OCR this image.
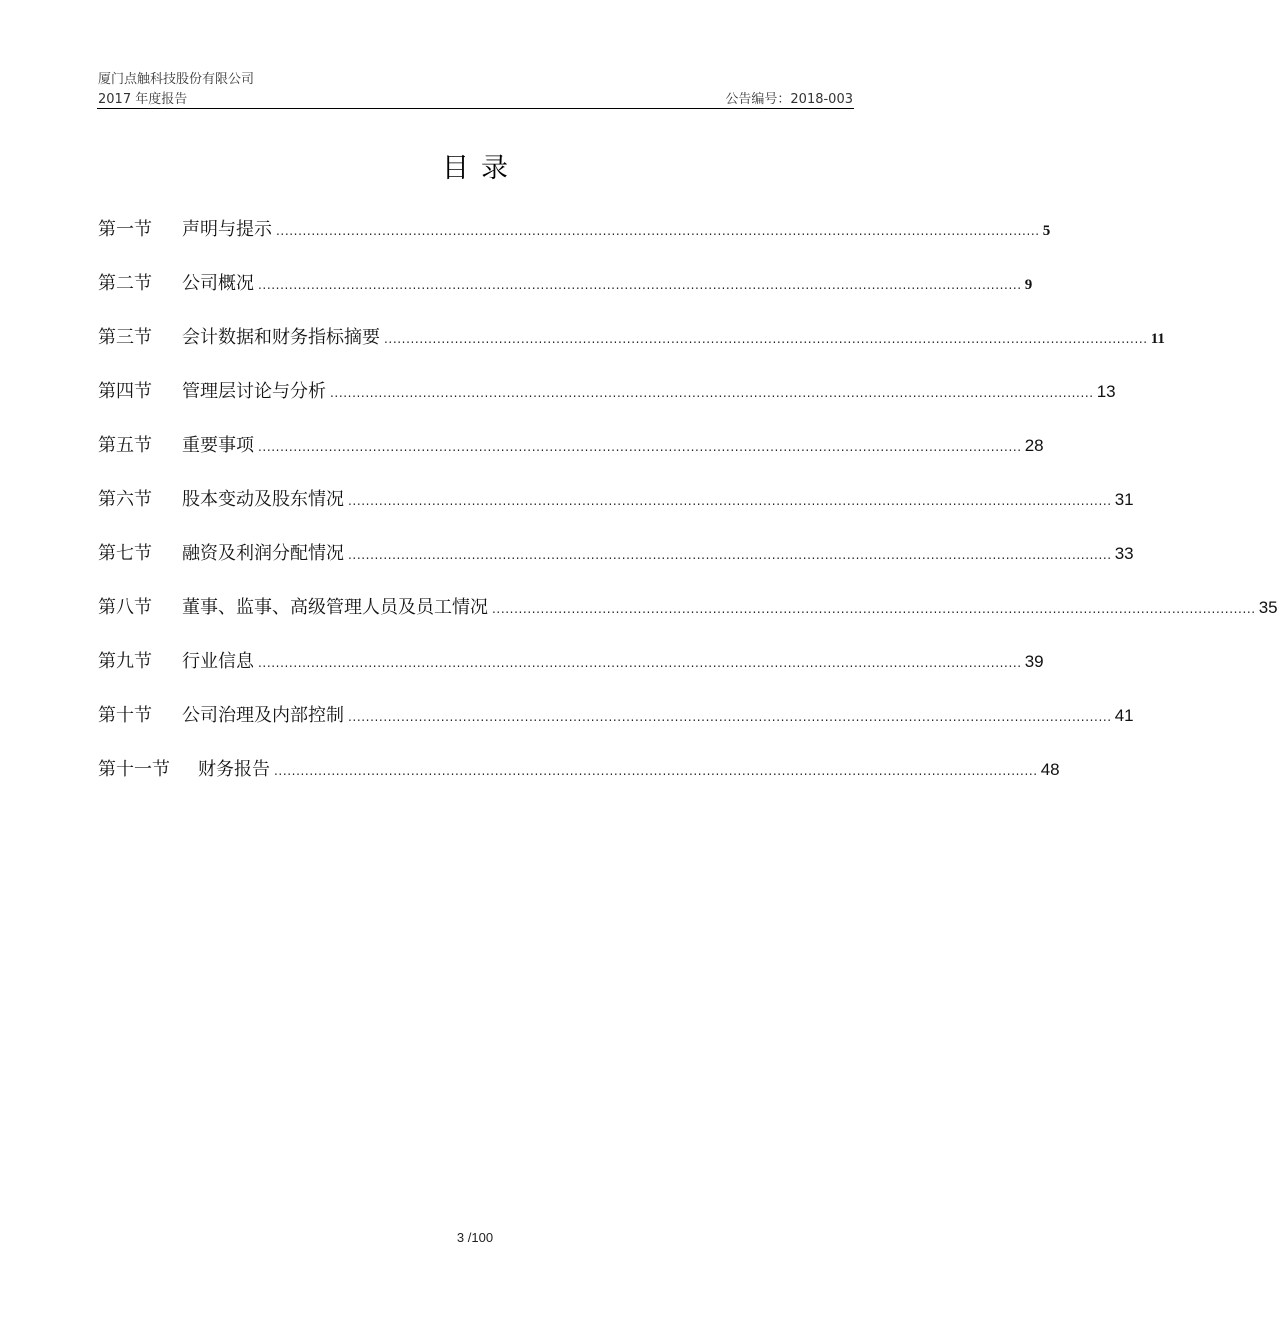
厦门点触科技股份有限公司
2017 年度报告	公告编号：2018-003
目录
第一节	声明与提示 ............................................................................................................................................................................. 5
第二节	公司概况 ............................................................................................................................................................................. 9
第三节	会计数据和财务指标摘要 ............................................................................................................................................................................. 11
第四节	管理层讨论与分析 ............................................................................................................................................................................. 13
第五节	重要事项 ............................................................................................................................................................................. 28
第六节	股本变动及股东情况 ............................................................................................................................................................................. 31
第七节	融资及利润分配情况 ............................................................................................................................................................................. 33
第八节	董事、监事、高级管理人员及员工情况 ............................................................................................................................................................................. 35
第九节	行业信息 ............................................................................................................................................................................. 39
第十节	公司治理及内部控制 ............................................................................................................................................................................. 41
第十一节	财务报告 ............................................................................................................................................................................. 48
3 /100
